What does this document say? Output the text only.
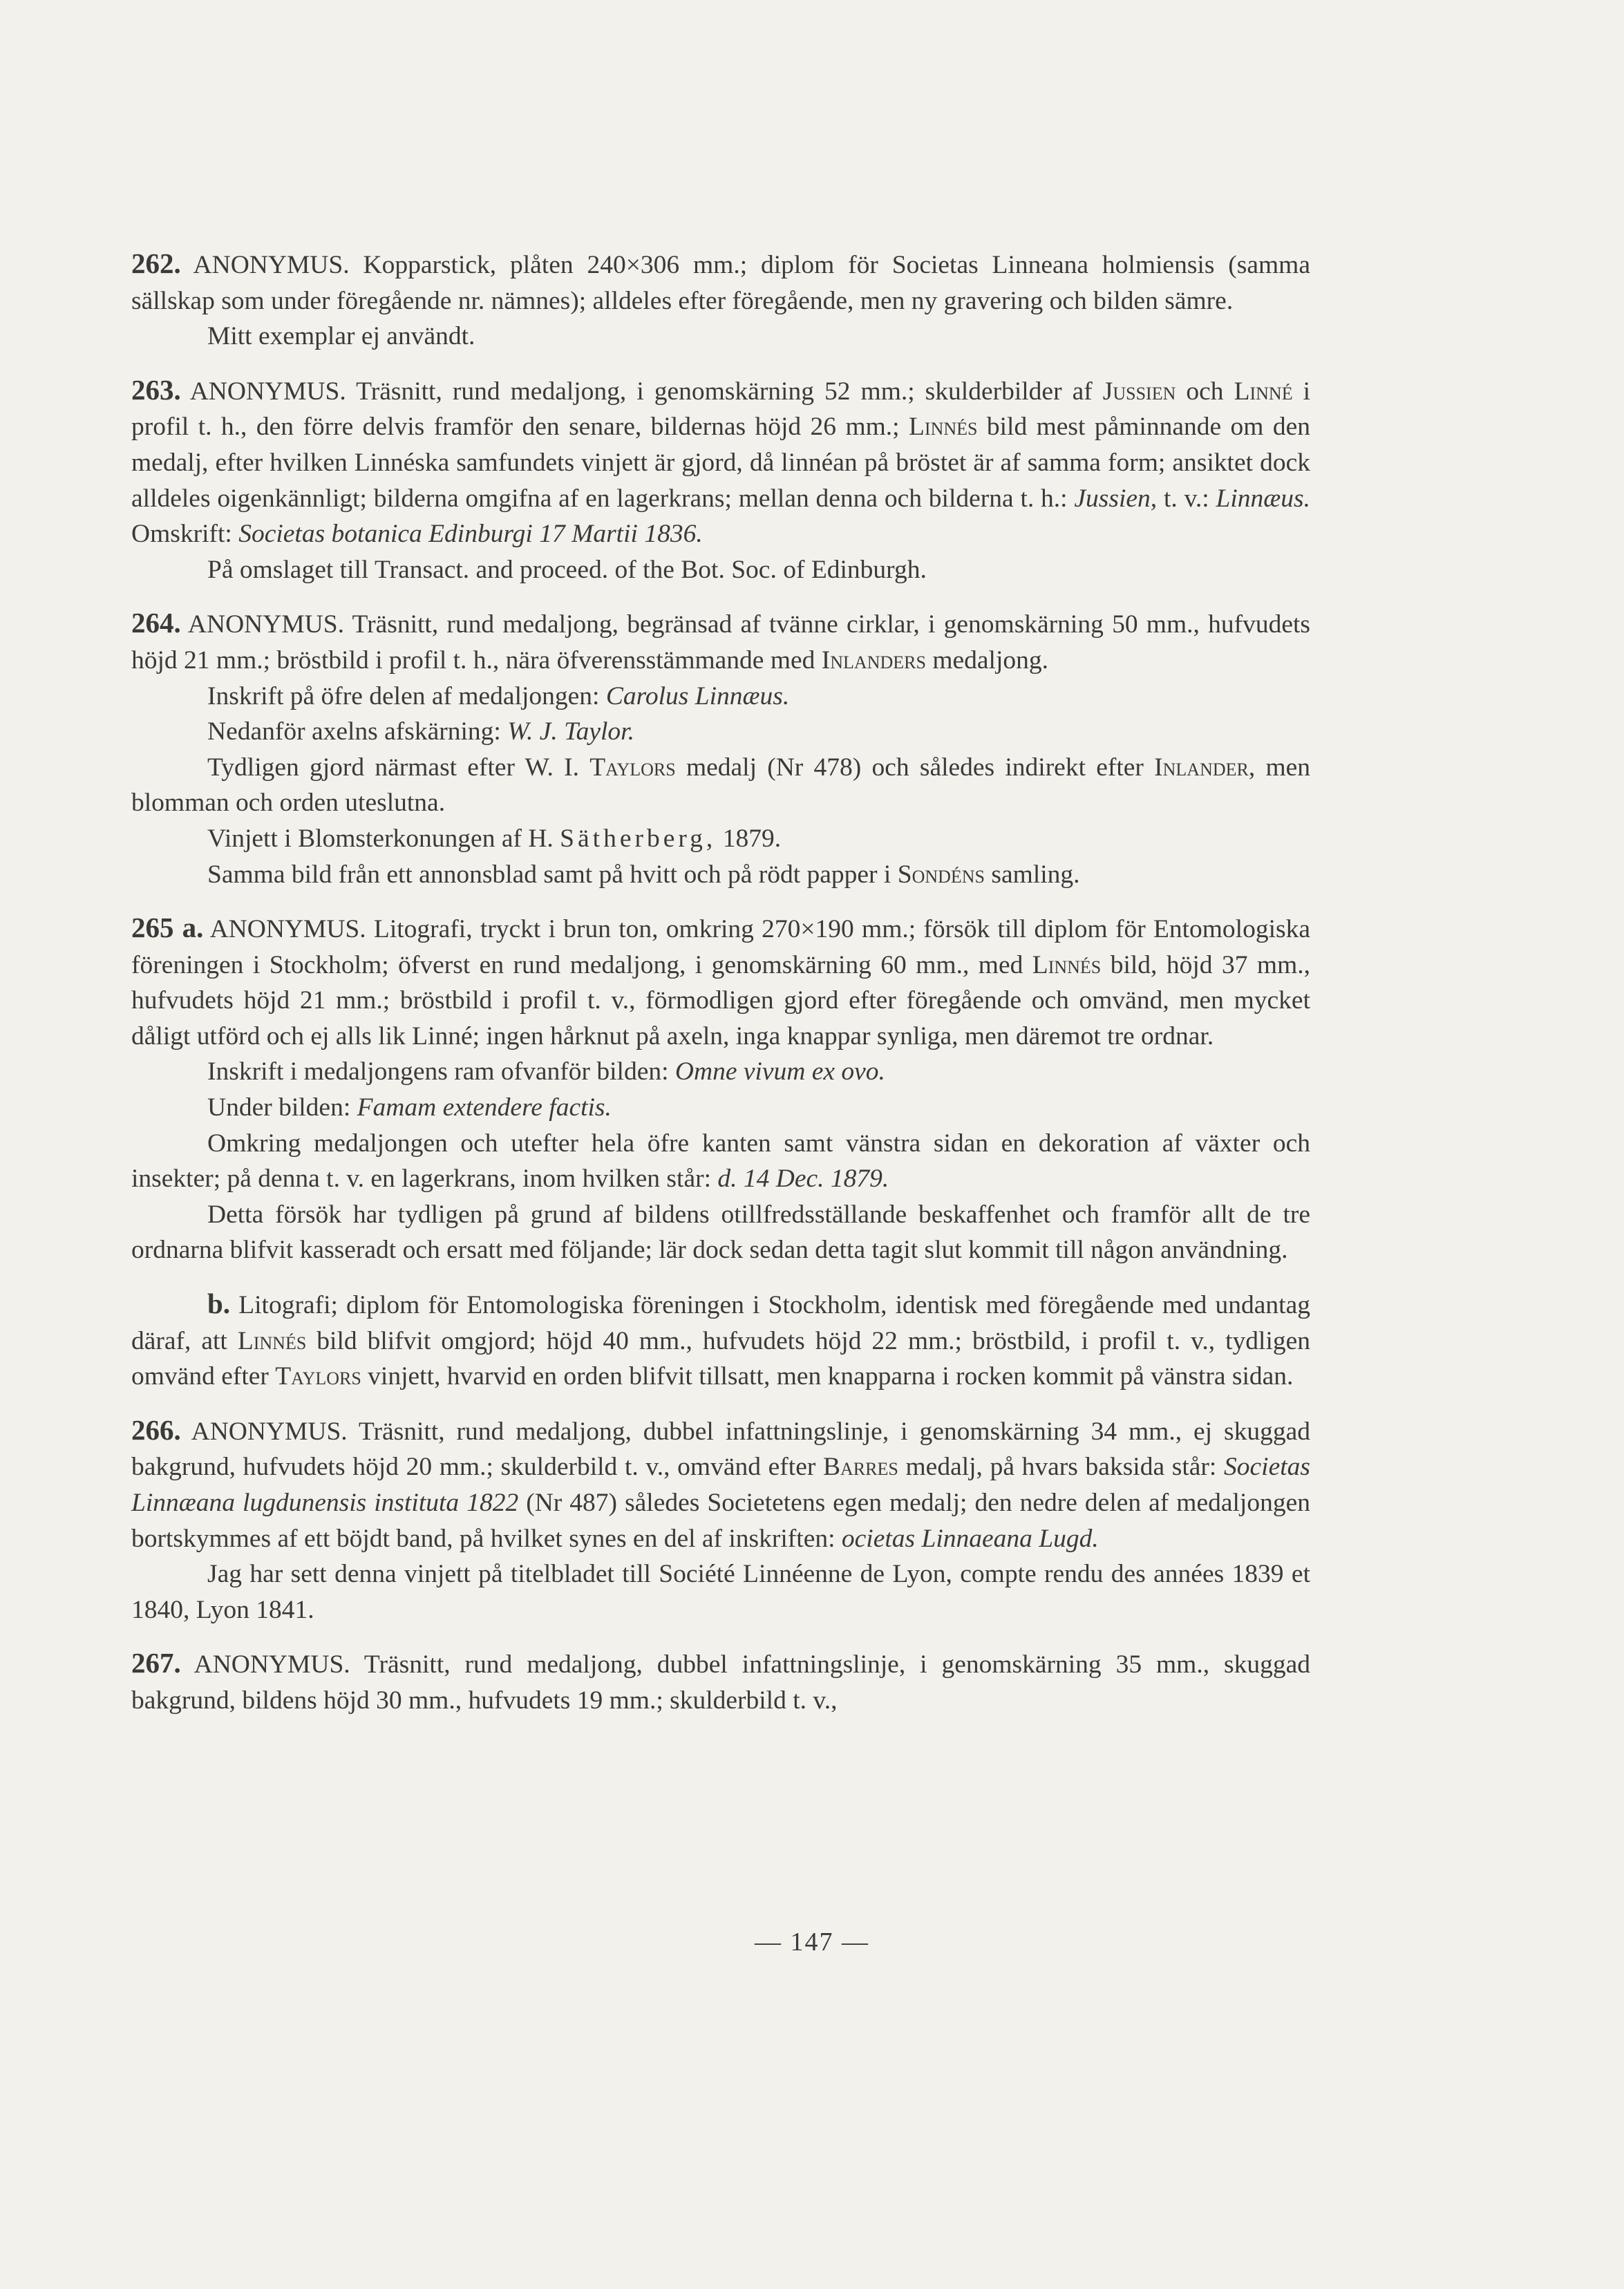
262. ANONYMUS. Kopparstick, plåten 240×306 mm.; diplom för Societas Linneana holmiensis (samma sällskap som under föregående nr. nämnes); alldeles efter föregående, men ny gravering och bilden sämre.

Mitt exemplar ej användt.

263. ANONYMUS. Träsnitt, rund medaljong, i genomskärning 52 mm.; skulderbilder af Jussien och Linné i profil t. h., den förre delvis framför den senare, bildernas höjd 26 mm.; Linnés bild mest påminnande om den medalj, efter hvilken Linnéska samfundets vinjett är gjord, då linnéan på bröstet är af samma form; ansiktet dock alldeles oigenkännligt; bilderna omgifna af en lagerkrans; mellan denna och bilderna t. h.: Jussien, t. v.: Linnæus. Omskrift: Societas botanica Edinburgi 17 Martii 1836.

På omslaget till Transact. and proceed. of the Bot. Soc. of Edinburgh.

264. ANONYMUS. Träsnitt, rund medaljong, begränsad af tvänne cirklar, i genomskärning 50 mm., hufvudets höjd 21 mm.; bröstbild i profil t. h., nära öfverensstämmande med Inlanders medaljong.

Inskrift på öfre delen af medaljongen: Carolus Linnæus.

Nedanför axelns afskärning: W. J. Taylor.

Tydligen gjord närmast efter W. I. Taylors medalj (Nr 478) och således indirekt efter Inlander, men blomman och orden uteslutna.

Vinjett i Blomsterkonungen af H. Sätherberg, 1879.

Samma bild från ett annonsblad samt på hvitt och på rödt papper i Sondéns samling.

265 a. ANONYMUS. Litografi, tryckt i brun ton, omkring 270×190 mm.; försök till diplom för Entomologiska föreningen i Stockholm; öfverst en rund medaljong, i genomskärning 60 mm., med Linnés bild, höjd 37 mm., hufvudets höjd 21 mm.; bröstbild i profil t. v., förmodligen gjord efter föregående och omvänd, men mycket dåligt utförd och ej alls lik Linné; ingen hårknut på axeln, inga knappar synliga, men däremot tre ordnar.

Inskrift i medaljongens ram ofvanför bilden: Omne vivum ex ovo.

Under bilden: Famam extendere factis.

Omkring medaljongen och utefter hela öfre kanten samt vänstra sidan en dekoration af växter och insekter; på denna t. v. en lagerkrans, inom hvilken står: d. 14 Dec. 1879.

Detta försök har tydligen på grund af bildens otillfredsställande beskaffenhet och framför allt de tre ordnarna blifvit kasseradt och ersatt med följande; lär dock sedan detta tagit slut kommit till någon användning.

b. Litografi; diplom för Entomologiska föreningen i Stockholm, identisk med föregående med undantag däraf, att Linnés bild blifvit omgjord; höjd 40 mm., hufvudets höjd 22 mm.; bröstbild, i profil t. v., tydligen omvänd efter Taylors vinjett, hvarvid en orden blifvit tillsatt, men knapparna i rocken kommit på vänstra sidan.

266. ANONYMUS. Träsnitt, rund medaljong, dubbel infattningslinje, i genomskärning 34 mm., ej skuggad bakgrund, hufvudets höjd 20 mm.; skulderbild t. v., omvänd efter Barres medalj, på hvars baksida står: Societas Linnæana lugdunensis instituta 1822 (Nr 487) således Societetens egen medalj; den nedre delen af medaljongen bortskymmes af ett böjdt band, på hvilket synes en del af inskriften: ocietas Linnaeana Lugd.

Jag har sett denna vinjett på titelbladet till Société Linnéenne de Lyon, compte rendu des années 1839 et 1840, Lyon 1841.

267. ANONYMUS. Träsnitt, rund medaljong, dubbel infattningslinje, i genomskärning 35 mm., skuggad bakgrund, bildens höjd 30 mm., hufvudets 19 mm.; skulderbild t. v.,

— 147 —
